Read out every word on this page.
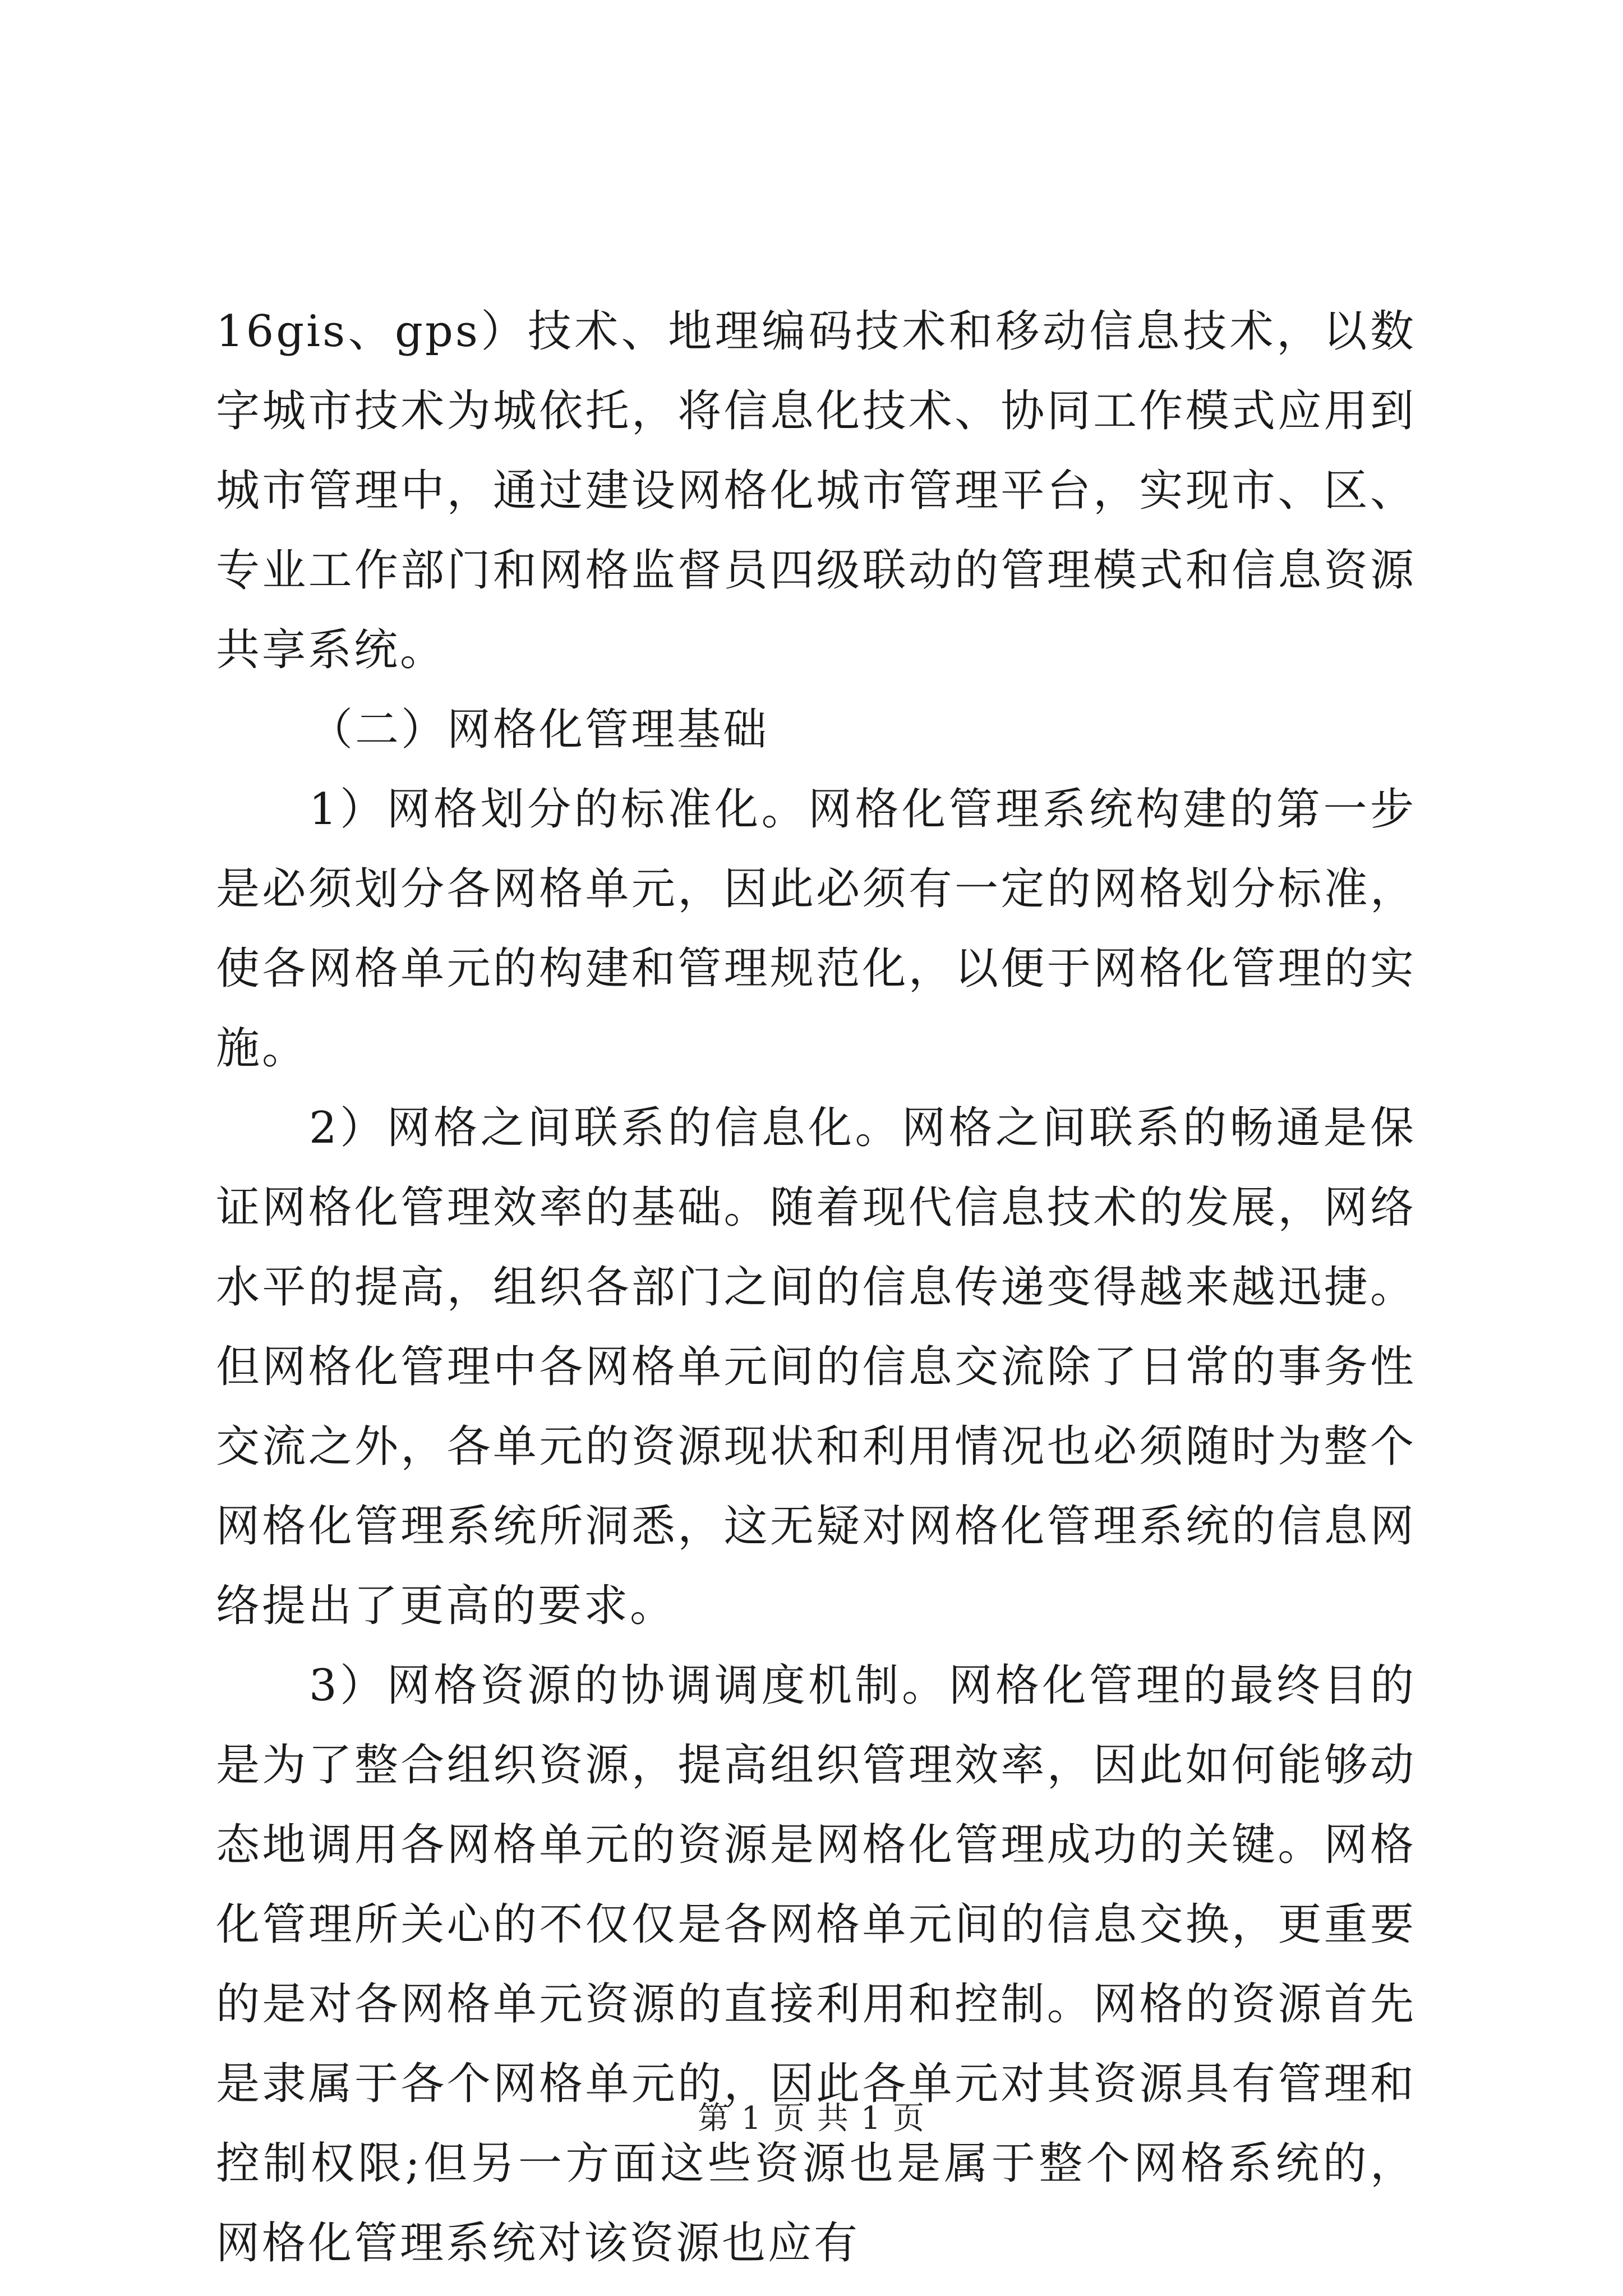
16gis、gps）技术、地理编码技术和移动信息技术，以数字城市技术为城依托，将信息化技术、协同工作模式应用到城市管理中，通过建设网格化城市管理平台，实现市、区、专业工作部门和网格监督员四级联动的管理模式和信息资源共享系统。

（二）网格化管理基础

1）网格划分的标准化。网格化管理系统构建的第一步是必须划分各网格单元，因此必须有一定的网格划分标准，使各网格单元的构建和管理规范化，以便于网格化管理的实施。

2）网格之间联系的信息化。网格之间联系的畅通是保证网格化管理效率的基础。随着现代信息技术的发展，网络水平的提高，组织各部门之间的信息传递变得越来越迅捷。但网格化管理中各网格单元间的信息交流除了日常的事务性交流之外，各单元的资源现状和利用情况也必须随时为整个网格化管理系统所洞悉，这无疑对网格化管理系统的信息网络提出了更高的要求。

3）网格资源的协调调度机制。网格化管理的最终目的是为了整合组织资源，提高组织管理效率，因此如何能够动态地调用各网格单元的资源是网格化管理成功的关键。网格化管理所关心的不仅仅是各网格单元间的信息交换，更重要的是对各网格单元资源的直接利用和控制。网格的资源首先是隶属于各个网格单元的，因此各单元对其资源具有管理和控制权限;但另一方面这些资源也是属于整个网格系统的，网格化管理系统对该资源也应有

第 1 页 共 1 页
